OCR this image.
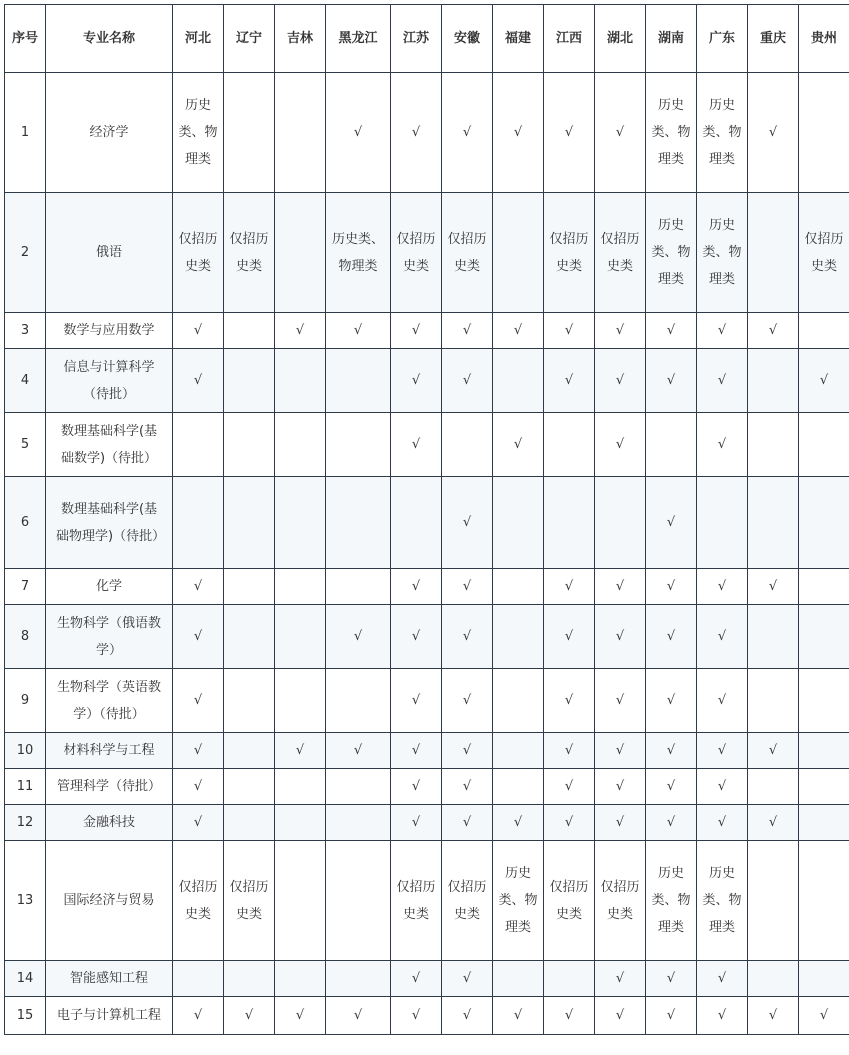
序号	专业名称	河北	辽宁	吉林	黑龙江	江苏	安徽	福建	江西	湖北	湖南	广东	重庆	贵州
1	经济学	历史类、物理类			√	√	√	√	√	√	历史类、物理类	历史类、物理类	√	
2	俄语	仅招历史类	仅招历史类		历史类、物理类	仅招历史类	仅招历史类		仅招历史类	仅招历史类	历史类、物理类	历史类、物理类		仅招历史类
3	数学与应用数学	√		√	√	√	√	√	√	√	√	√	√	
4	信息与计算科学（待批）	√				√	√		√	√	√	√		√
5	数理基础科学(基础数学)（待批）					√		√		√		√		
6	数理基础科学(基础物理学)（待批）						√				√			
7	化学	√				√	√		√	√	√	√	√	
8	生物科学（俄语教学）	√			√	√	√		√	√	√	√		
9	生物科学（英语教学）（待批）	√				√	√		√	√	√	√		
10	材料科学与工程	√		√	√	√	√		√	√	√	√	√	
11	管理科学（待批）	√				√	√		√	√	√	√		
12	金融科技	√				√	√	√	√	√	√	√	√	
13	国际经济与贸易	仅招历史类	仅招历史类			仅招历史类	仅招历史类	历史类、物理类	仅招历史类	仅招历史类	历史类、物理类	历史类、物理类		
14	智能感知工程					√	√			√	√	√		
15	电子与计算机工程	√	√	√	√	√	√	√	√	√	√	√	√	√
